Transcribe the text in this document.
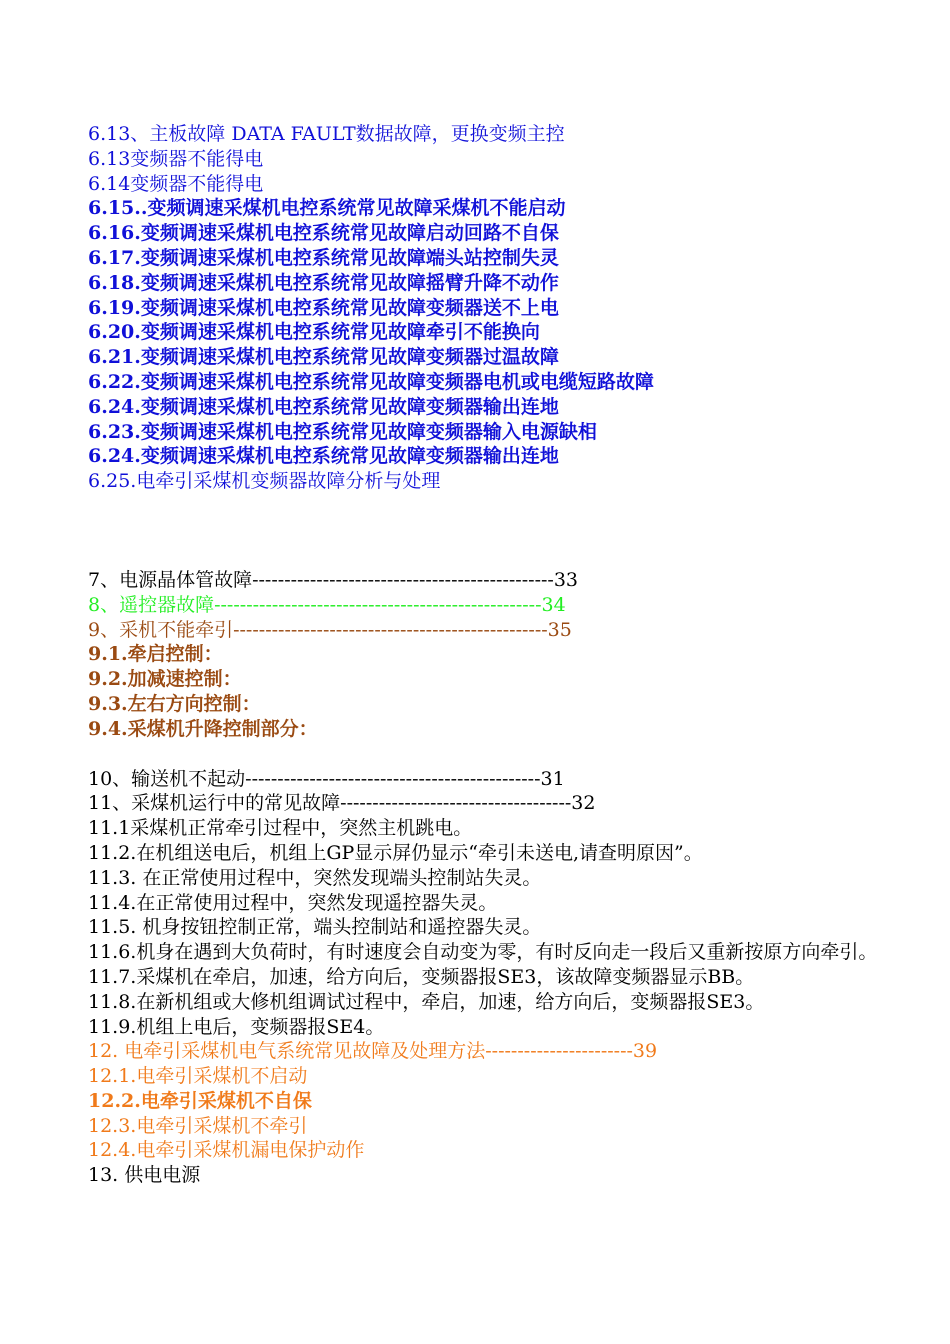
6.13、主板故障 DATA FAULT数据故障，更换变频主控
6.13变频器不能得电
6.14变频器不能得电
6.15..变频调速采煤机电控系统常见故障采煤机不能启动
6.16.变频调速采煤机电控系统常见故障启动回路不自保
6.17.变频调速采煤机电控系统常见故障端头站控制失灵
6.18.变频调速采煤机电控系统常见故障摇臂升降不动作
6.19.变频调速采煤机电控系统常见故障变频器送不上电
6.20.变频调速采煤机电控系统常见故障牵引不能换向
6.21.变频调速采煤机电控系统常见故障变频器过温故障
6.22.变频调速采煤机电控系统常见故障变频器电机或电缆短路故障
6.24.变频调速采煤机电控系统常见故障变频器输出连地
6.23.变频调速采煤机电控系统常见故障变频器输入电源缺相
6.24.变频调速采煤机电控系统常见故障变频器输出连地
6.25.电牵引采煤机变频器故障分析与处理
7、电源晶体管故障-----------------------------------------------33
8、遥控器故障---------------------------------------------------34
9、采机不能牵引-------------------------------------------------35
9.1.牵启控制：
9.2.加减速控制：
9.3.左右方向控制：
9.4.采煤机升降控制部分：
10、输送机不起动----------------------------------------------31
11、采煤机运行中的常见故障------------------------------------32
11.1采煤机正常牵引过程中，突然主机跳电。
11.2.在机组送电后，机组上GP显示屏仍显示“牵引未送电,请查明原因”。
11.3. 在正常使用过程中，突然发现端头控制站失灵。
11.4.在正常使用过程中，突然发现遥控器失灵。
11.5. 机身按钮控制正常，端头控制站和遥控器失灵。
11.6.机身在遇到大负荷时，有时速度会自动变为零，有时反向走一段后又重新按原方向牵引。
11.7.采煤机在牵启，加速，给方向后，变频器报SE3，该故障变频器显示BB。
11.8.在新机组或大修机组调试过程中，牵启，加速，给方向后，变频器报SE3。
11.9.机组上电后，变频器报SE4。
12. 电牵引采煤机电气系统常见故障及处理方法-----------------------39
12.1.电牵引采煤机不启动
12.2.电牵引采煤机不自保
12.3.电牵引采煤机不牵引
12.4.电牵引采煤机漏电保护动作
13. 供电电源
